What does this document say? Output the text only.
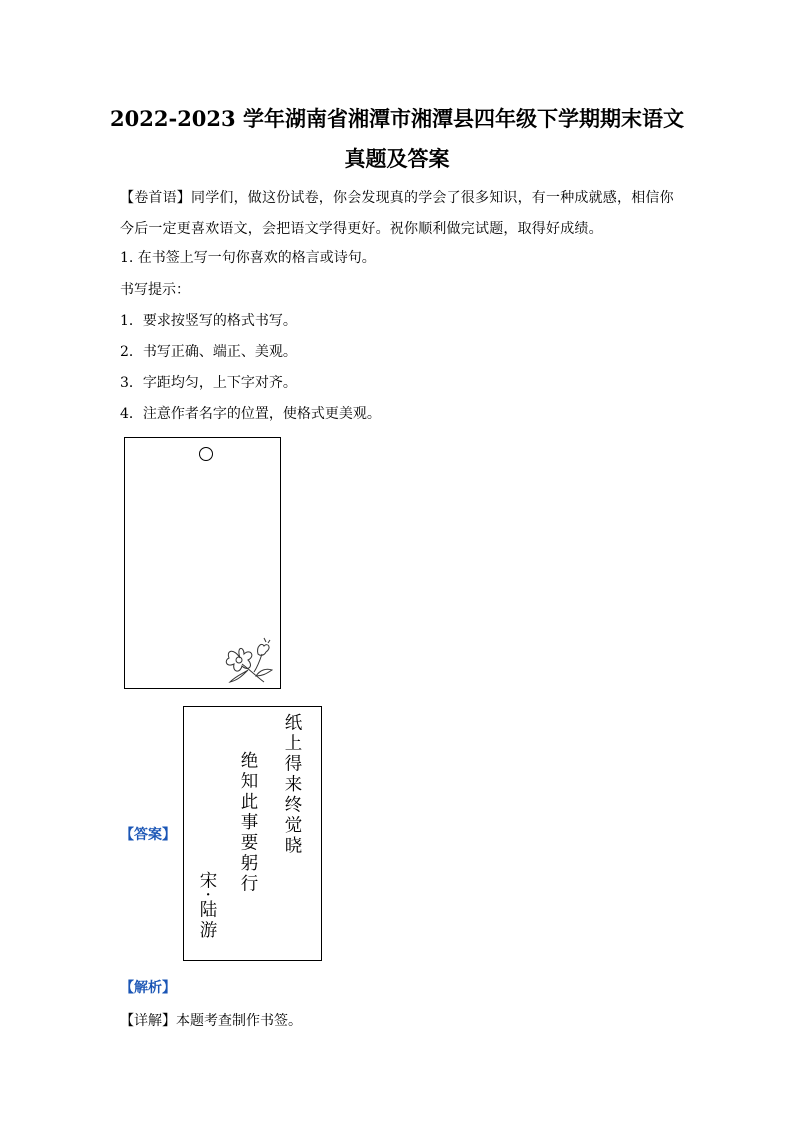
2022-2023 学年湖南省湘潭市湘潭县四年级下学期期末语文
真题及答案
【卷首语】同学们，做这份试卷，你会发现真的学会了很多知识，有一种成就感，相信你今后一定更喜欢语文，会把语文学得更好。祝你顺利做完试题，取得好成绩。
1. 在书签上写一句你喜欢的格言或诗句。
书写提示：
1．要求按竖写的格式书写。
2．书写正确、端正、美观。
3．字距均匀，上下字对齐。
4．注意作者名字的位置，使格式更美观。
【答案】	纸上得来终觉晓
绝知此事要躬行
宋·陆游
【解析】
【详解】本题考查制作书签。
